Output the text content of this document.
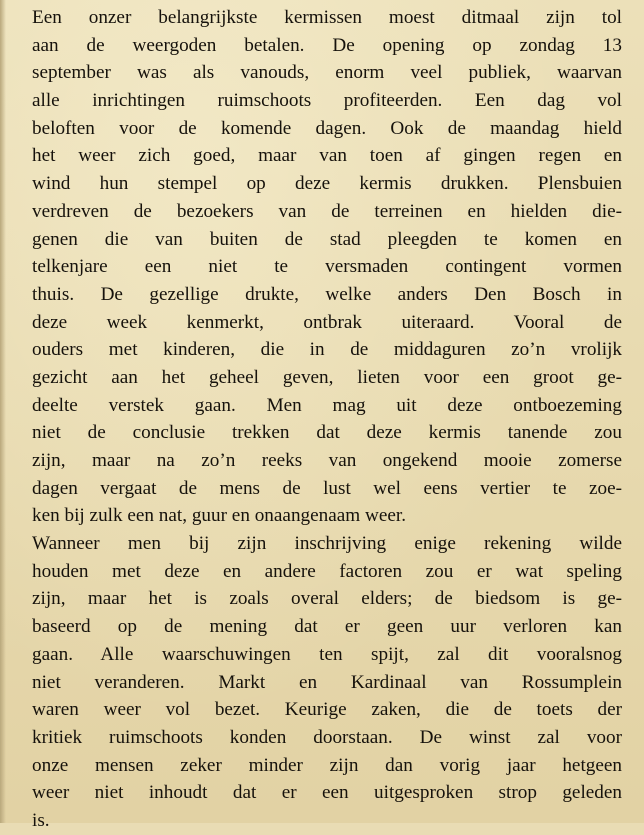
Een onzer belangrijkste kermissen moest ditmaal zijn tol
aan de weergoden betalen. De opening op zondag 13
september was als vanouds, enorm veel publiek, waarvan
alle inrichtingen ruimschoots profiteerden. Een dag vol
beloften voor de komende dagen. Ook de maandag hield
het weer zich goed, maar van toen af gingen regen en
wind hun stempel op deze kermis drukken. Plensbuien
verdreven de bezoekers van de terreinen en hielden die-
genen die van buiten de stad pleegden te komen en
telkenjare een niet te versmaden contingent vormen
thuis. De gezellige drukte, welke anders Den Bosch in
deze week kenmerkt, ontbrak uiteraard. Vooral de
ouders met kinderen, die in de middaguren zo’n vrolijk
gezicht aan het geheel geven, lieten voor een groot ge-
deelte verstek gaan. Men mag uit deze ontboezeming
niet de conclusie trekken dat deze kermis tanende zou
zijn, maar na zo’n reeks van ongekend mooie zomerse
dagen vergaat de mens de lust wel eens vertier te zoe-
ken bij zulk een nat, guur en onaangenaam weer.
Wanneer men bij zijn inschrijving enige rekening wilde
houden met deze en andere factoren zou er wat speling
zijn, maar het is zoals overal elders; de biedsom is ge-
baseerd op de mening dat er geen uur verloren kan
gaan. Alle waarschuwingen ten spijt, zal dit vooralsnog
niet veranderen. Markt en Kardinaal van Rossumplein
waren weer vol bezet. Keurige zaken, die de toets der
kritiek ruimschoots konden doorstaan. De winst zal voor
onze mensen zeker minder zijn dan vorig jaar hetgeen
weer niet inhoudt dat er een uitgesproken strop geleden
is.
